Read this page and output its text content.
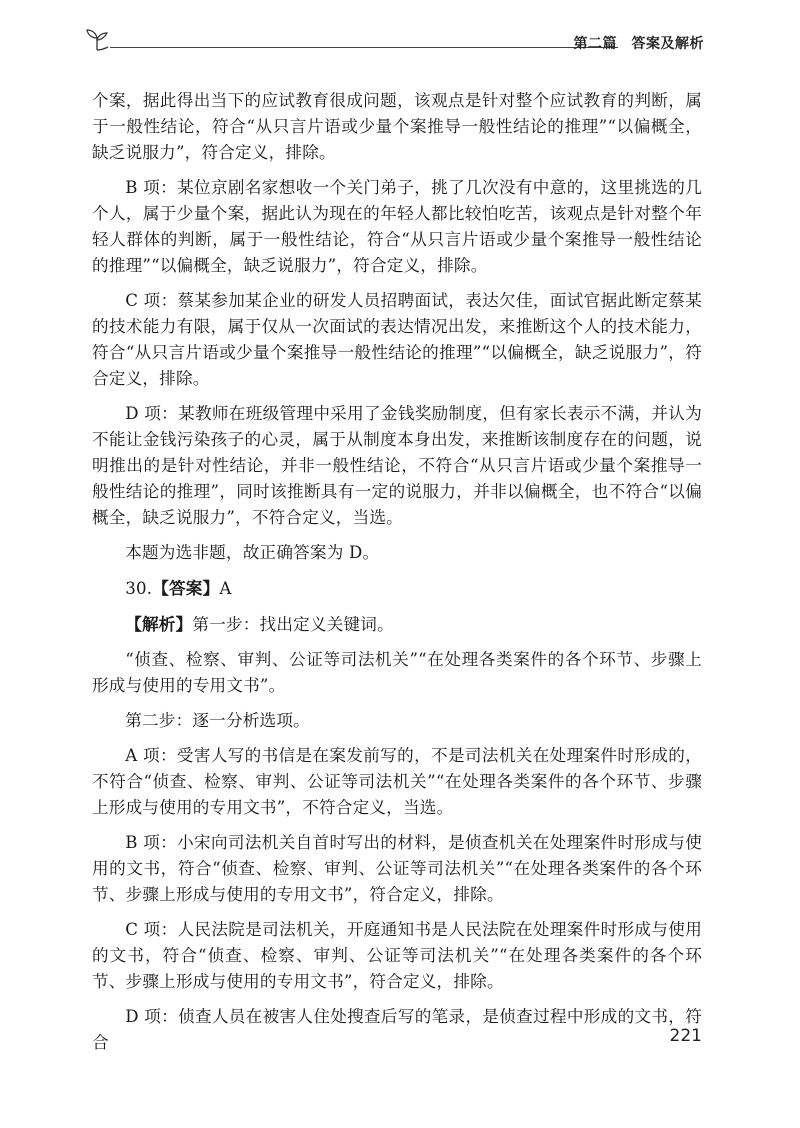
第二篇　答案及解析

个案，据此得出当下的应试教育很成问题，该观点是针对整个应试教育的判断，属于一般性结论，符合“从只言片语或少量个案推导一般性结论的推理”“以偏概全，缺乏说服力”，符合定义，排除。

B 项：某位京剧名家想收一个关门弟子，挑了几次没有中意的，这里挑选的几个人，属于少量个案，据此认为现在的年轻人都比较怕吃苦，该观点是针对整个年轻人群体的判断，属于一般性结论，符合“从只言片语或少量个案推导一般性结论的推理”“以偏概全，缺乏说服力”，符合定义，排除。

C 项：蔡某参加某企业的研发人员招聘面试，表达欠佳，面试官据此断定蔡某的技术能力有限，属于仅从一次面试的表达情况出发，来推断这个人的技术能力，符合“从只言片语或少量个案推导一般性结论的推理”“以偏概全，缺乏说服力”，符合定义，排除。

D 项：某教师在班级管理中采用了金钱奖励制度，但有家长表示不满，并认为不能让金钱污染孩子的心灵，属于从制度本身出发，来推断该制度存在的问题，说明推出的是针对性结论，并非一般性结论，不符合“从只言片语或少量个案推导一般性结论的推理”，同时该推断具有一定的说服力，并非以偏概全，也不符合“以偏概全，缺乏说服力”，不符合定义，当选。

本题为选非题，故正确答案为 D。

30.【答案】A

【解析】第一步：找出定义关键词。

“侦查、检察、审判、公证等司法机关”“在处理各类案件的各个环节、步骤上形成与使用的专用文书”。

第二步：逐一分析选项。

A 项：受害人写的书信是在案发前写的，不是司法机关在处理案件时形成的，不符合“侦查、检察、审判、公证等司法机关”“在处理各类案件的各个环节、步骤上形成与使用的专用文书”，不符合定义，当选。

B 项：小宋向司法机关自首时写出的材料，是侦查机关在处理案件时形成与使用的文书，符合“侦查、检察、审判、公证等司法机关”“在处理各类案件的各个环节、步骤上形成与使用的专用文书”，符合定义，排除。

C 项：人民法院是司法机关，开庭通知书是人民法院在处理案件时形成与使用的文书，符合“侦查、检察、审判、公证等司法机关”“在处理各类案件的各个环节、步骤上形成与使用的专用文书”，符合定义，排除。

D 项：侦查人员在被害人住处搜查后写的笔录，是侦查过程中形成的文书，符合	221
